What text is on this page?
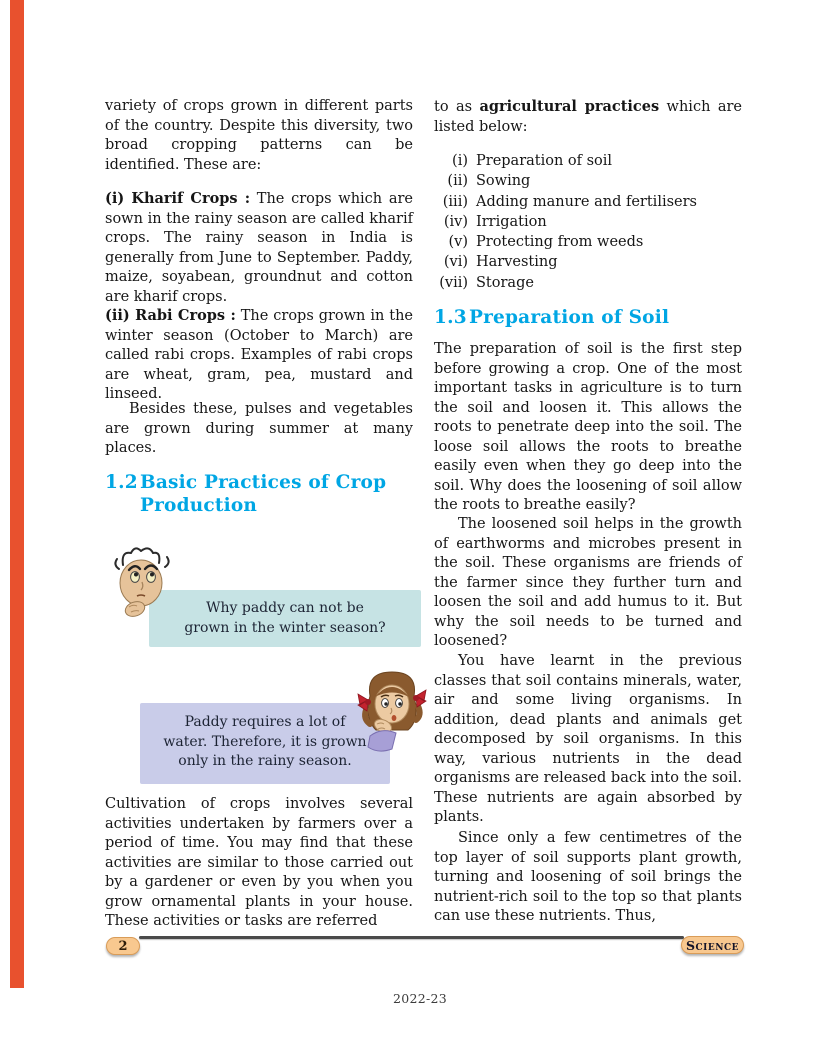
variety of crops grown in different parts of the country. Despite this diversity, two broad cropping patterns can be identified. These are:

(i) Kharif Crops : The crops which are sown in the rainy season are called kharif crops. The rainy season in India is generally from June to September. Paddy, maize, soyabean, groundnut and cotton are kharif crops.

(ii) Rabi Crops : The crops grown in the winter season (October to March) are called rabi crops. Examples of rabi crops are wheat, gram, pea, mustard and linseed.

Besides these, pulses and vegetables are grown during summer at many places.

1.2 Basic Practices of Crop
Production
Why paddy can not be
grown in the winter season?
Paddy requires a lot of
water. Therefore, it is grown
only in the rainy season.

Cultivation of crops involves several activities undertaken by farmers over a period of time. You may find that these activities are similar to those carried out by a gardener or even by you when you grow ornamental plants in your house. These activities or tasks are referred

to as agricultural practices which are listed below:

(i) Preparation of soil
(ii) Sowing
(iii) Adding manure and fertilisers
(iv) Irrigation
(v) Protecting from weeds
(vi) Harvesting
(vii) Storage
1.3 Preparation of Soil

The preparation of soil is the first step before growing a crop. One of the most important tasks in agriculture is to turn the soil and loosen it. This allows the roots to penetrate deep into the soil. The loose soil allows the roots to breathe easily even when they go deep into the soil. Why does the loosening of soil allow the roots to breathe easily?

The loosened soil helps in the growth of earthworms and microbes present in the soil. These organisms are friends of the farmer since they further turn and loosen the soil and add humus to it. But why the soil needs to be turned and loosened?

You have learnt in the previous classes that soil contains minerals, water, air and some living organisms. In addition, dead plants and animals get decomposed by soil organisms. In this way, various nutrients in the dead organisms are released back into the soil. These nutrients are again absorbed by plants.

Since only a few centimetres of the top layer of soil supports plant growth, turning and loosening of soil brings the nutrient-rich soil to the top so that plants can use these nutrients. Thus,

2	Science
2022-23
